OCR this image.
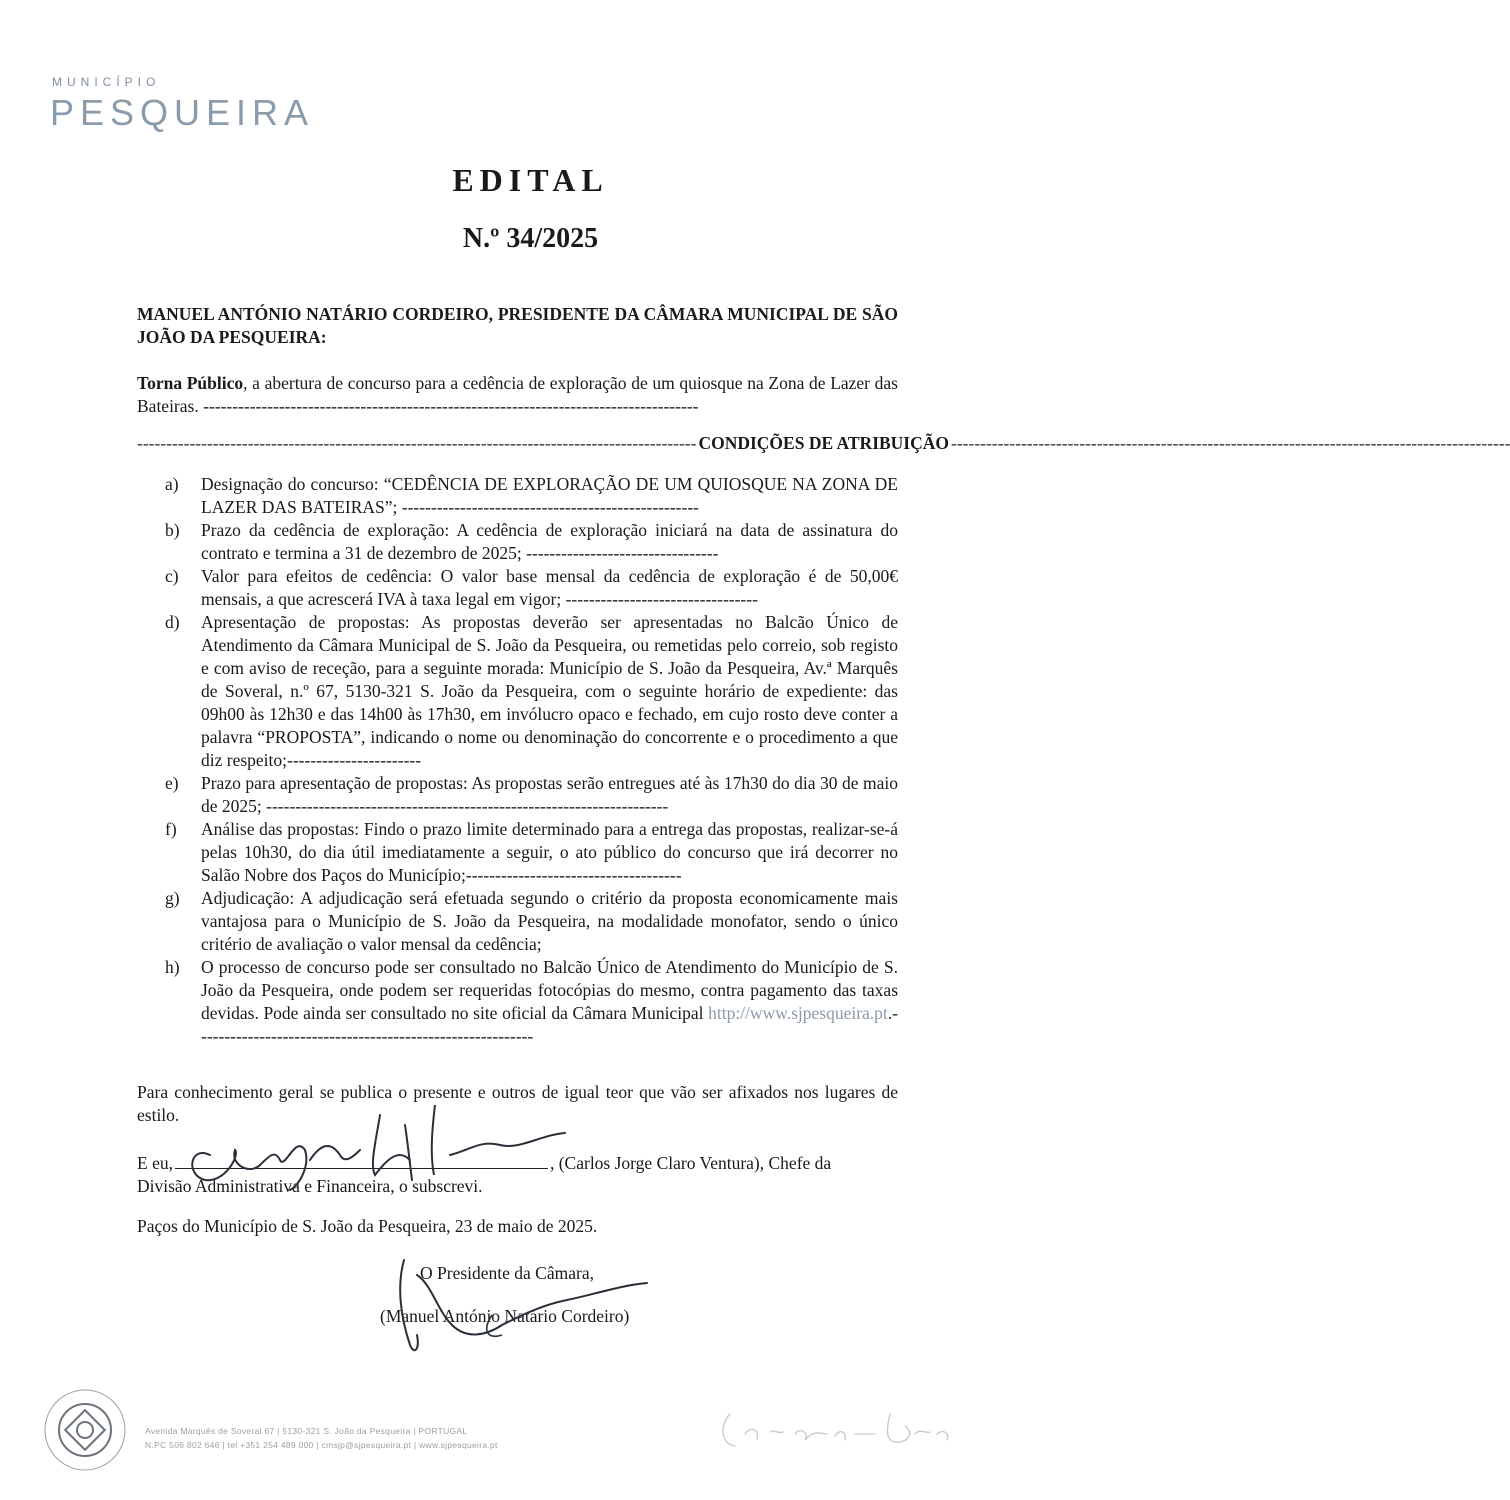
MUNICÍPIO
PESQUEIRA
EDITAL
N.º 34/2025
MANUEL ANTÓNIO NATÁRIO CORDEIRO, PRESIDENTE DA CÂMARA MUNICIPAL DE SÃO JOÃO DA PESQUEIRA:
Torna Público, a abertura de concurso para a cedência de exploração de um quiosque na Zona de Lazer das Bateiras. -------------------------------------------------------------------------------------
------------------------------------------------------------------------------------------------ CONDIÇÕES DE ATRIBUIÇÃO ------------------------------------------------------------------------------------------------
a) Designação do concurso: “CEDÊNCIA DE EXPLORAÇÃO DE UM QUIOSQUE NA ZONA DE LAZER DAS BATEIRAS”; ---------------------------------------------------
b) Prazo da cedência de exploração: A cedência de exploração iniciará na data de assinatura do contrato e termina a 31 de dezembro de 2025; ---------------------------------
c) Valor para efeitos de cedência: O valor base mensal da cedência de exploração é de 50,00€ mensais, a que acrescerá IVA à taxa legal em vigor; ---------------------------------
d) Apresentação de propostas: As propostas deverão ser apresentadas no Balcão Único de Atendimento da Câmara Municipal de S. João da Pesqueira, ou remetidas pelo correio, sob registo e com aviso de receção, para a seguinte morada: Município de S. João da Pesqueira, Av.ª Marquês de Soveral, n.º 67, 5130-321 S. João da Pesqueira, com o seguinte horário de expediente: das 09h00 às 12h30 e das 14h00 às 17h30, em invólucro opaco e fechado, em cujo rosto deve conter a palavra “PROPOSTA”, indicando o nome ou denominação do concorrente e o procedimento a que diz respeito;-----------------------
e) Prazo para apresentação de propostas: As propostas serão entregues até às 17h30 do dia 30 de maio de 2025; ---------------------------------------------------------------------
f) Análise das propostas: Findo o prazo limite determinado para a entrega das propostas, realizar-se-á pelas 10h30, do dia útil imediatamente a seguir, o ato público do concurso que irá decorrer no Salão Nobre dos Paços do Município;-------------------------------------
g) Adjudicação: A adjudicação será efetuada segundo o critério da proposta economicamente mais vantajosa para o Município de S. João da Pesqueira, na modalidade monofator, sendo o único critério de avaliação o valor mensal da cedência;
h) O processo de concurso pode ser consultado no Balcão Único de Atendimento do Município de S. João da Pesqueira, onde podem ser requeridas fotocópias do mesmo, contra pagamento das taxas devidas. Pode ainda ser consultado no site oficial da Câmara Municipal http://www.sjpesqueira.pt.----------------------------------------------------------
Para conhecimento geral se publica o presente e outros de igual teor que vão ser afixados nos lugares de estilo.
E eu,	, (Carlos Jorge Claro Ventura), Chefe da
Divisão Administrativa e Financeira, o subscrevi.
Paços do Município de S. João da Pesqueira, 23 de maio de 2025.
O Presidente da Câmara,
(Manuel António Natário Cordeiro)
Avenida Marquês de Soveral 67 | 5130-321 S. João da Pesqueira | PORTUGAL
N.PC 506 802 646 | tel +351 254 489 000 | cmsjp@sjpesqueira.pt | www.sjpesqueira.pt
